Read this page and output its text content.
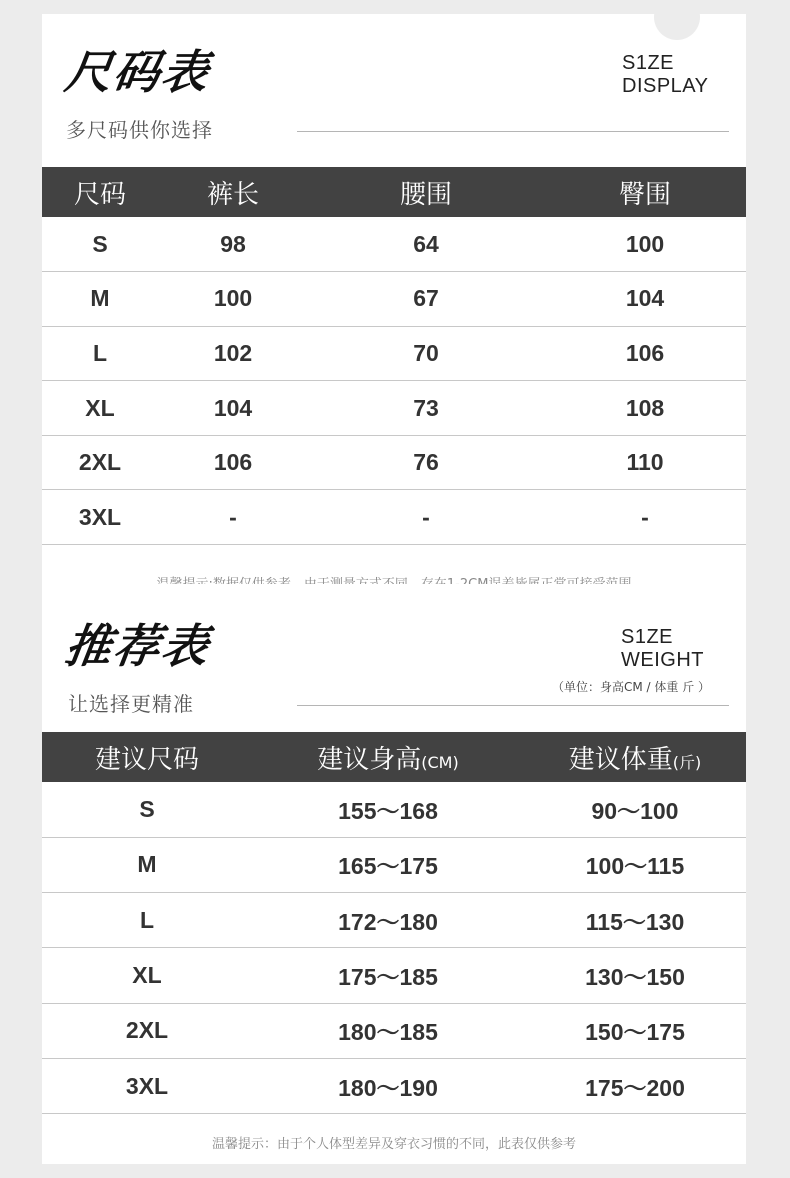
尺码表
多尺码供你选择
S1ZE
DISPLAY
尺码	裤长	腰围	臀围
S	98	64	100
M	100	67	104
L	102	70	106
XL	104	73	108
2XL	106	76	110
3XL	-	-	-
推荐表
让选择更精准
S1ZE
WEIGHT
（单位：身高CM / 体重 斤 ）
建议尺码	建议身高(CM)	建议体重(斤)
S	155～168	90～100
M	165～175	100～115
L	172～180	115～130
XL	175～185	130～150
2XL	180～185	150～175
3XL	180～190	175～200
温馨提示：由于个人体型差异及穿衣习惯的不同，此表仅供参考
